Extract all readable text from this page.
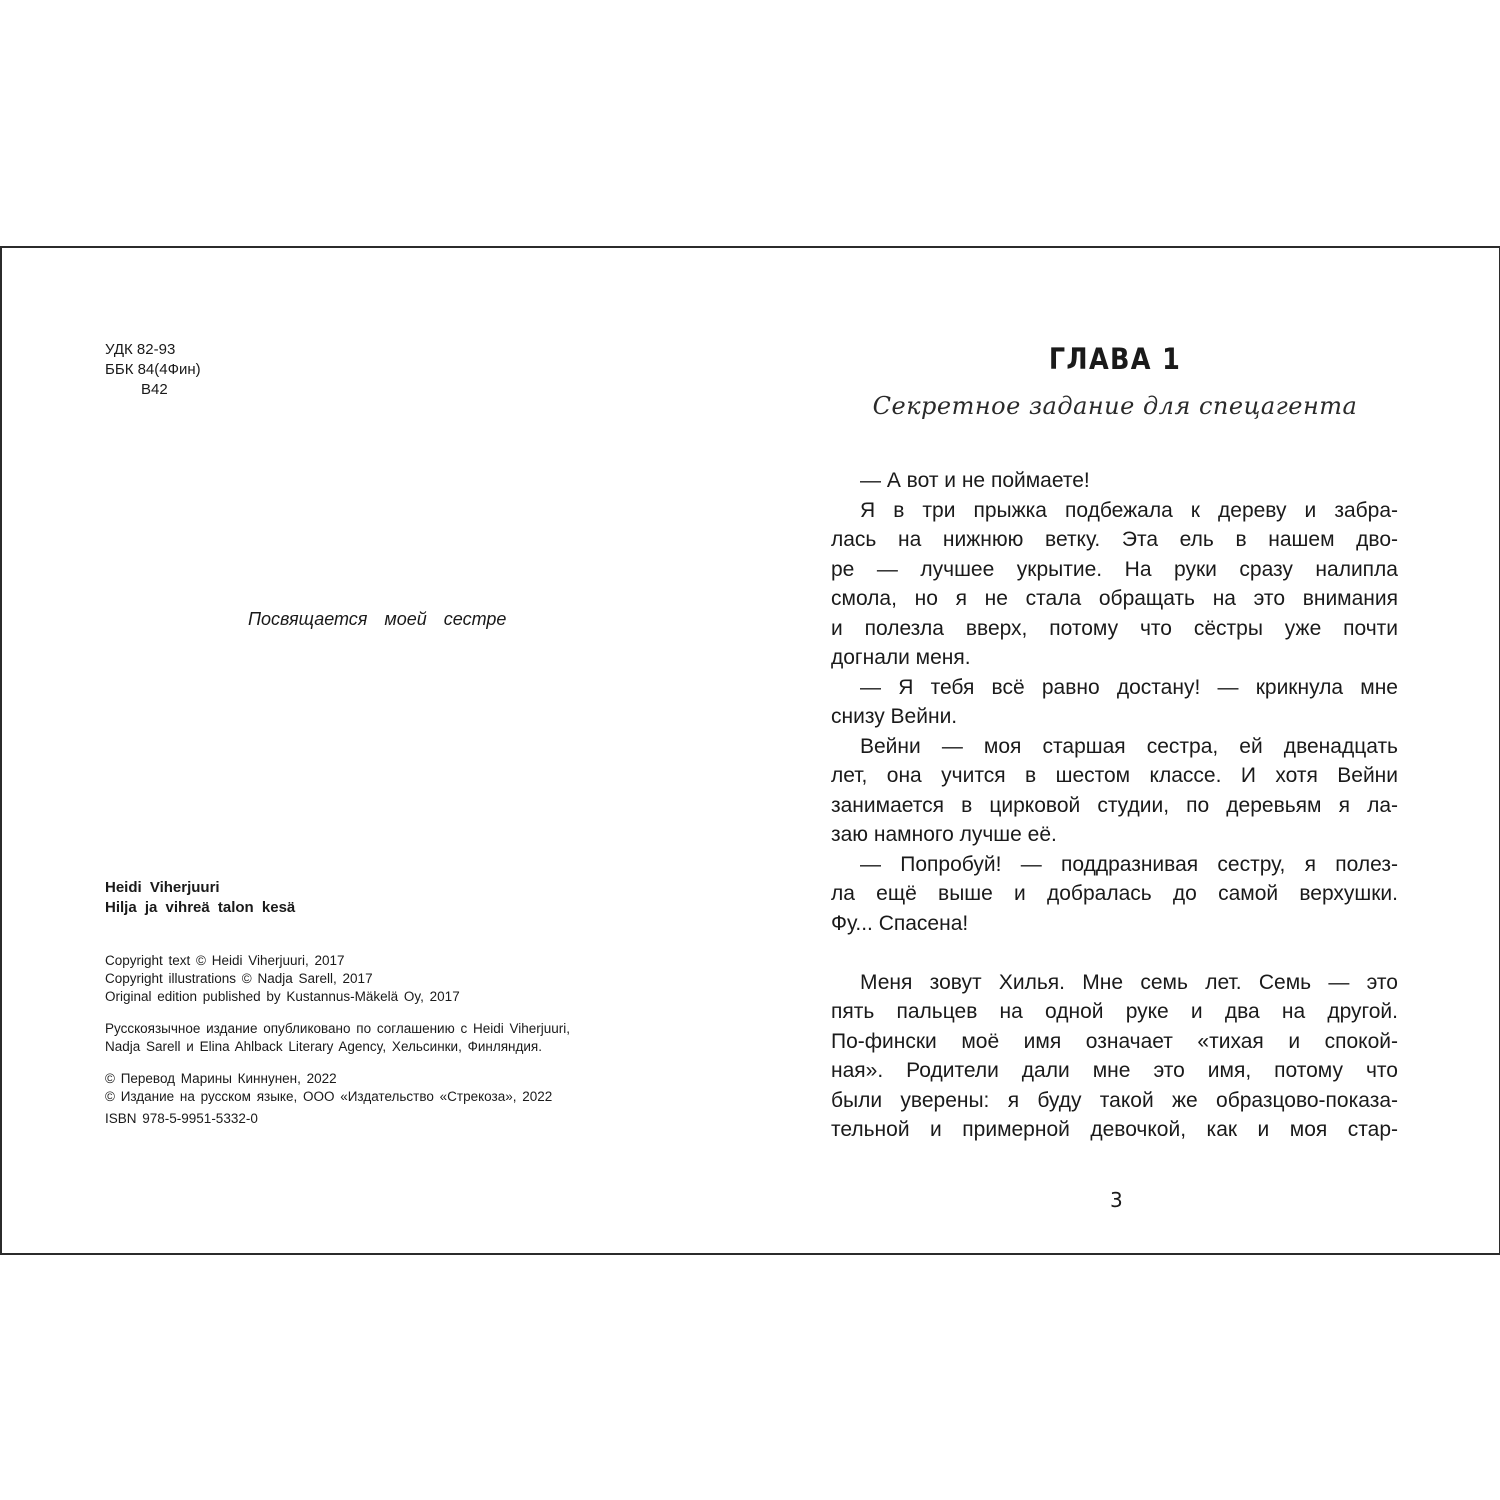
УДК 82-93
ББК 84(4Фин)
В42
Посвящается моей сестре
Heidi Viherjuuri
Hilja ja vihreä talon kesä
Copyright text © Heidi Viherjuuri, 2017
Copyright illustrations © Nadja Sarell, 2017
Original edition published by Kustannus-Mäkelä Oy, 2017
Русскоязычное издание опубликовано по соглашению с Heidi Viherjuuri,
Nadja Sarell и Elina Ahlback Literary Agency, Хельсинки, Финляндия.
© Перевод Марины Киннунен, 2022
© Издание на русском языке, ООО «Издательство «Стрекоза», 2022
ISBN 978-5-9951-5332-0
ГЛАВА 1
Секретное задание для спецагента
— А вот и не поймаете!
Я в три прыжка подбежала к дереву и забра-
лась на нижнюю ветку. Эта ель в нашем дво-
ре — лучшее укрытие. На руки сразу налипла
смола, но я не стала обращать на это внимания
и полезла вверх, потому что сёстры уже почти
догнали меня.
— Я тебя всё равно достану! — крикнула мне
снизу Вейни.
Вейни — моя старшая сестра, ей двенадцать
лет, она учится в шестом классе. И хотя Вейни
занимается в цирковой студии, по деревьям я ла-
заю намного лучше её.
— Попробуй! — поддразнивая сестру, я полез-
ла ещё выше и добралась до самой верхушки.
Фу... Спасена!
Меня зовут Хилья. Мне семь лет. Семь — это
пять пальцев на одной руке и два на другой.
По-фински моё имя означает «тихая и спокой-
ная». Родители дали мне это имя, потому что
были уверены: я буду такой же образцово-показа-
тельной и примерной девочкой, как и моя стар-
3
